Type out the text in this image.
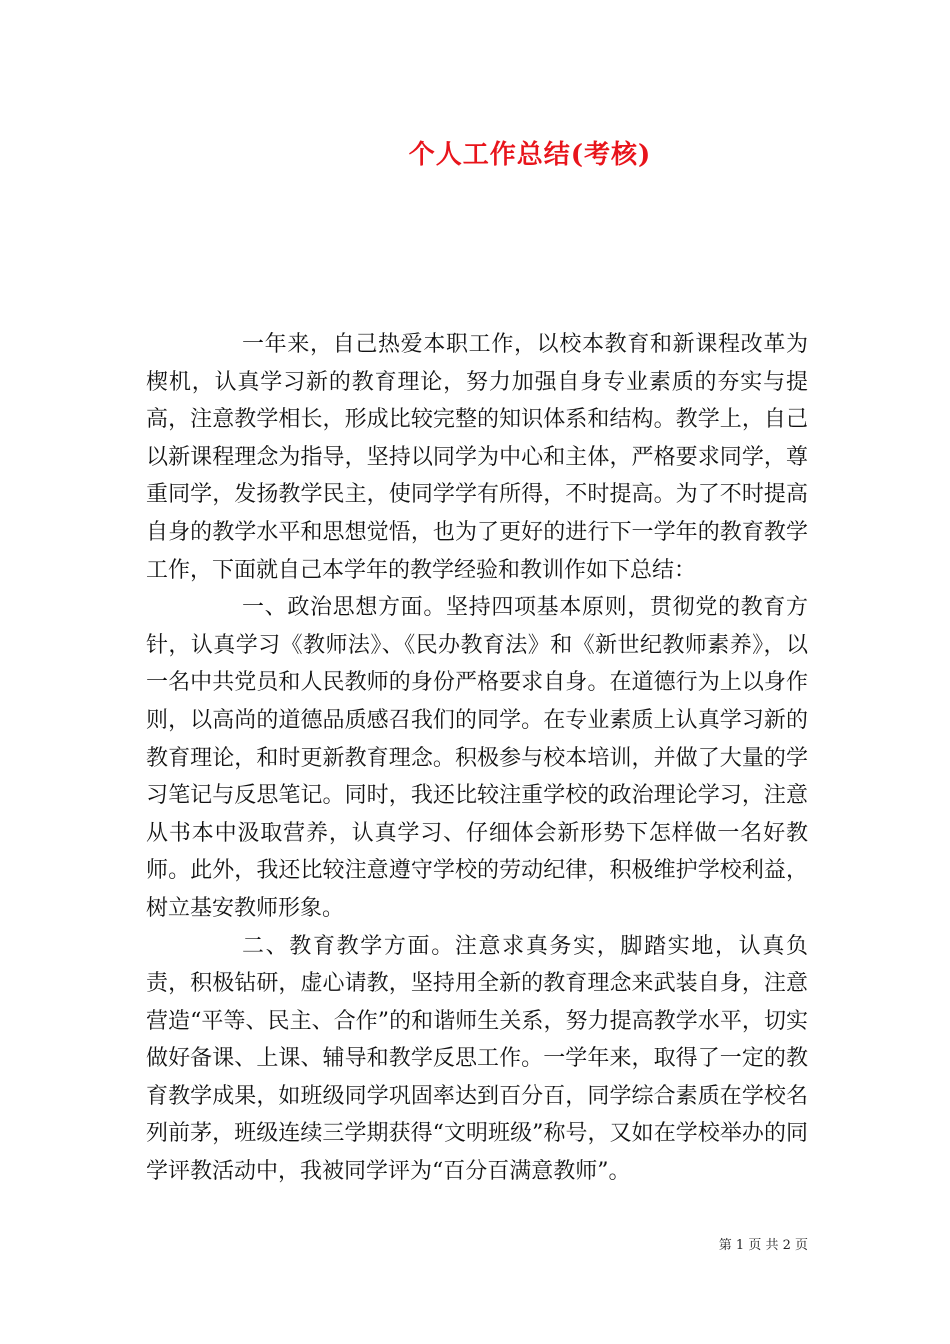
个人工作总结(考核)

一年来，自己热爱本职工作，以校本教育和新课程改革为楔机，认真学习新的教育理论，努力加强自身专业素质的夯实与提高，注意教学相长，形成比较完整的知识体系和结构。教学上，自己以新课程理念为指导，坚持以同学为中心和主体，严格要求同学，尊重同学，发扬教学民主，使同学学有所得，不时提高。为了不时提高自身的教学水平和思想觉悟，也为了更好的进行下一学年的教育教学工作，下面就自己本学年的教学经验和教训作如下总结：

一、政治思想方面。坚持四项基本原则，贯彻党的教育方针，认真学习《教师法》、《民办教育法》和《新世纪教师素养》，以一名中共党员和人民教师的身份严格要求自身。在道德行为上以身作则，以高尚的道德品质感召我们的同学。在专业素质上认真学习新的教育理论，和时更新教育理念。积极参与校本培训，并做了大量的学习笔记与反思笔记。同时，我还比较注重学校的政治理论学习，注意从书本中汲取营养，认真学习、仔细体会新形势下怎样做一名好教师。此外，我还比较注意遵守学校的劳动纪律，积极维护学校利益，树立基安教师形象。

二、教育教学方面。注意求真务实，脚踏实地，认真负责，积极钻研，虚心请教，坚持用全新的教育理念来武装自身，注意营造“平等、民主、合作”的和谐师生关系，努力提高教学水平，切实做好备课、上课、辅导和教学反思工作。一学年来，取得了一定的教育教学成果，如班级同学巩固率达到百分百，同学综合素质在学校名列前茅，班级连续三学期获得“文明班级”称号，又如在学校举办的同学评教活动中，我被同学评为“百分百满意教师”。

第 1 页 共 2 页
